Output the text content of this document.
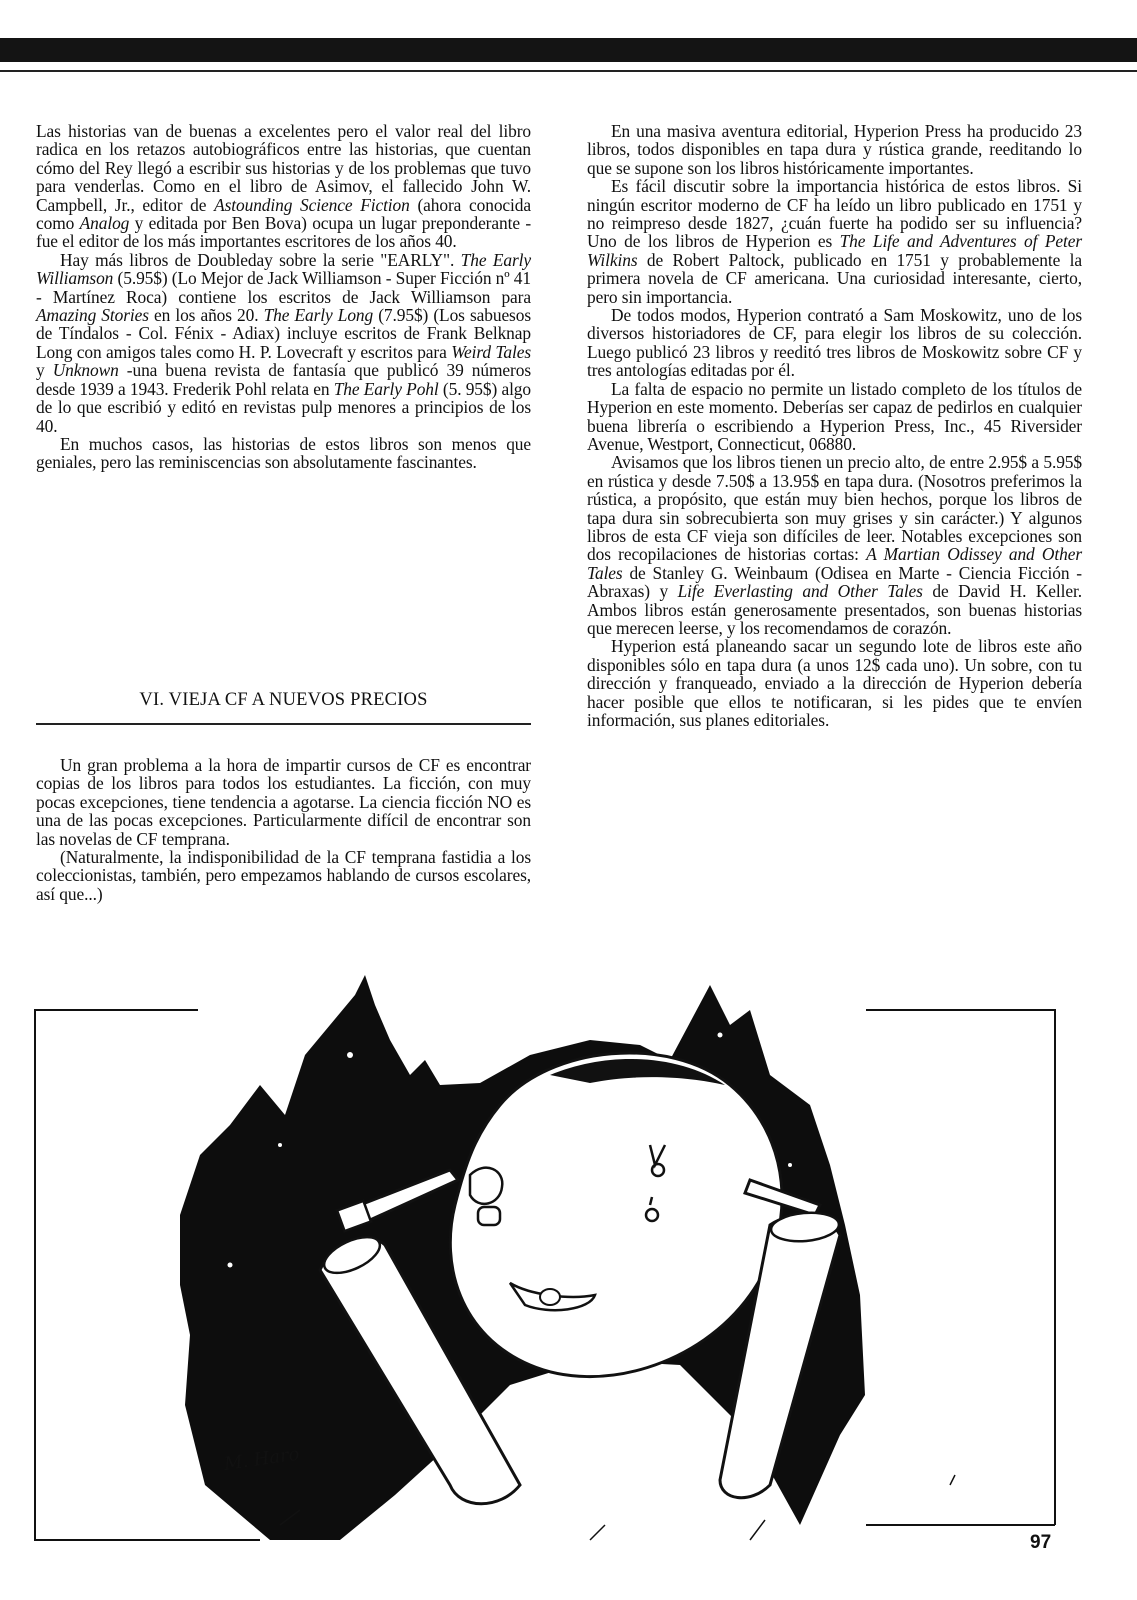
Las historias van de buenas a excelentes pero el valor real del libro radica en los retazos autobiográficos entre las historias, que cuentan cómo del Rey llegó a escribir sus historias y de los problemas que tuvo para venderlas. Como en el libro de Asimov, el fallecido John W. Campbell, Jr., editor de Astounding Science Fiction (ahora conocida como Analog y editada por Ben Bova) ocupa un lugar preponderante -fue el editor de los más importantes escritores de los años 40.

Hay más libros de Doubleday sobre la serie "EARLY". The Early Williamson (5.95$) (Lo Mejor de Jack Williamson - Super Ficción nº 41 - Martínez Roca) contiene los escritos de Jack Williamson para Amazing Stories en los años 20. The Early Long (7.95$) (Los sabuesos de Tíndalos - Col. Fénix - Adiax) incluye escritos de Frank Belknap Long con amigos tales como H. P. Lovecraft y escritos para Weird Tales y Unknown -una buena revista de fantasía que publicó 39 números desde 1939 a 1943. Frederik Pohl relata en The Early Pohl (5. 95$) algo de lo que escribió y editó en revistas pulp menores a principios de los 40.

En muchos casos, las historias de estos libros son menos que geniales, pero las reminiscencias son absolutamente fascinantes.

VI. VIEJA CF A NUEVOS PRECIOS

Un gran problema a la hora de impartir cursos de CF es encontrar copias de los libros para todos los estudiantes. La ficción, con muy pocas excepciones, tiene tendencia a agotarse. La ciencia ficción NO es una de las pocas excepciones. Particularmente difícil de encontrar son las novelas de CF temprana.

(Naturalmente, la indisponibilidad de la CF temprana fastidia a los coleccionistas, también, pero empezamos hablando de cursos escolares, así que...)

En una masiva aventura editorial, Hyperion Press ha producido 23 libros, todos disponibles en tapa dura y rústica grande, reeditando lo que se supone son los libros históricamente importantes.

Es fácil discutir sobre la importancia histórica de estos libros. Si ningún escritor moderno de CF ha leído un libro publicado en 1751 y no reimpreso desde 1827, ¿cuán fuerte ha podido ser su influencia? Uno de los libros de Hyperion es The Life and Adventures of Peter Wilkins de Robert Paltock, publicado en 1751 y probablemente la primera novela de CF americana. Una curiosidad interesante, cierto, pero sin importancia.

De todos modos, Hyperion contrató a Sam Moskowitz, uno de los diversos historiadores de CF, para elegir los libros de su colección. Luego publicó 23 libros y reeditó tres libros de Moskowitz sobre CF y tres antologías editadas por él.

La falta de espacio no permite un listado completo de los títulos de Hyperion en este momento. Deberías ser capaz de pedirlos en cualquier buena librería o escribiendo a Hyperion Press, Inc., 45 Riversider Avenue, Westport, Connecticut, 06880.

Avisamos que los libros tienen un precio alto, de entre 2.95$ a 5.95$ en rústica y desde 7.50$ a 13.95$ en tapa dura. (Nosotros preferimos la rústica, a propósito, que están muy bien hechos, porque los libros de tapa dura sin sobrecubierta son muy grises y sin carácter.) Y algunos libros de esta CF vieja son difíciles de leer. Notables excepciones son dos recopilaciones de historias cortas: A Martian Odissey and Other Tales de Stanley G. Weinbaum (Odisea en Marte - Ciencia Ficción - Abraxas) y Life Everlasting and Other Tales de David H. Keller. Ambos libros están generosamente presentados, son buenas historias que merecen leerse, y los recomendamos de corazón.

Hyperion está planeando sacar un segundo lote de libros este año disponibles sólo en tapa dura (a unos 12$ cada uno). Un sobre, con tu dirección y franqueado, enviado a la dirección de Hyperion debería hacer posible que ellos te notificaran, si les pides que te envíen información, sus planes editoriales.

M. Haro
97
